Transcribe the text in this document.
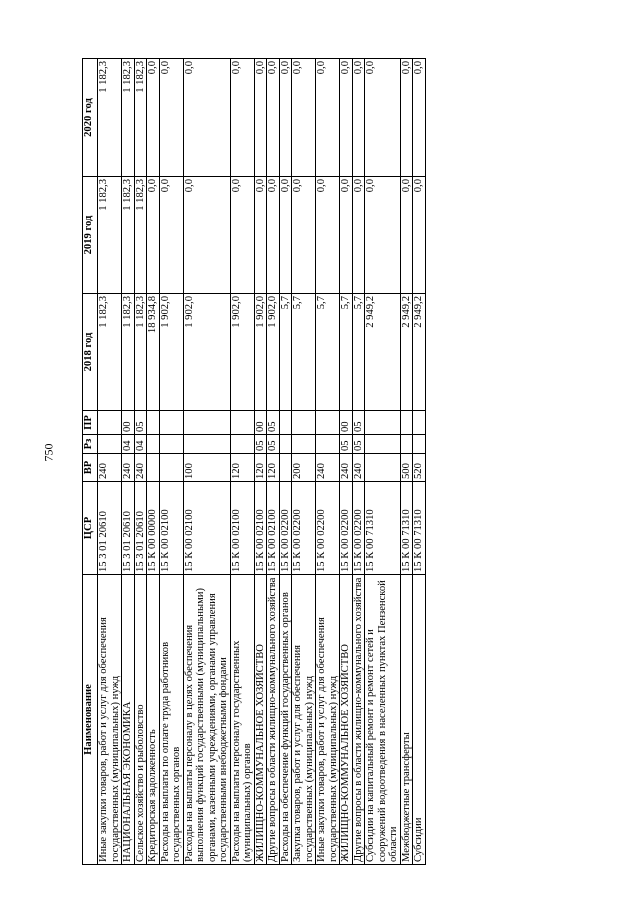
750
Наименование	ЦСР	ВР	Рз	ПР	2018 год	2019 год	2020 год
Иные закупки товаров, работ и услуг для обеспечения государственных (муниципальных) нужд	15 3 01 20610	240			1 182,3	1 182,3	1 182,3
НАЦИОНАЛЬНАЯ ЭКОНОМИКА	15 3 01 20610	240	04	00	1 182,3	1 182,3	1 182,3
Сельское хозяйство и рыболовство	15 3 01 20610	240	04	05	1 182,3	1 182,3	1 182,3
Кредиторская задолженность	15 К 00 00000				18 934,8	0,0	0,0
Расходы на выплаты по оплате труда работников государственных органов	15 К 00 02100				1 902,0	0,0	0,0
Расходы на выплаты персоналу в целях обеспечения выполнения функций государственными (муниципальными) органами, казенными учреждениями, органами управления государственными внебюджетными фондами	15 К 00 02100	100			1 902,0	0,0	0,0
Расходы на выплаты персоналу государственных (муниципальных) органов	15 К 00 02100	120			1 902,0	0,0	0,0
ЖИЛИЩНО-КОММУНАЛЬНОЕ ХОЗЯЙСТВО	15 К 00 02100	120	05	00	1 902,0	0,0	0,0
Другие вопросы в области жилищно-коммунального хозяйства	15 К 00 02100	120	05	05	1 902,0	0,0	0,0
Расходы на обеспечение функций государственных органов	15 К 00 02200				5,7	0,0	0,0
Закупка товаров, работ и услуг для обеспечения государственных (муниципальных) нужд	15 К 00 02200	200			5,7	0,0	0,0
Иные закупки товаров, работ и услуг для обеспечения государственных (муниципальных) нужд	15 К 00 02200	240			5,7	0,0	0,0
ЖИЛИЩНО-КОММУНАЛЬНОЕ ХОЗЯЙСТВО	15 К 00 02200	240	05	00	5,7	0,0	0,0
Другие вопросы в области жилищно-коммунального хозяйства	15 К 00 02200	240	05	05	5,7	0,0	0,0
Субсидии на капитальный ремонт и ремонт сетей и сооружений водоотведения в населенных пунктах Пензенской области	15 К 00 71310				2 949,2	0,0	0,0
Межбюджетные трансферты	15 К 00 71310	500			2 949,2	0,0	0,0
Субсидии	15 К 00 71310	520			2 949,2	0,0	0,0
